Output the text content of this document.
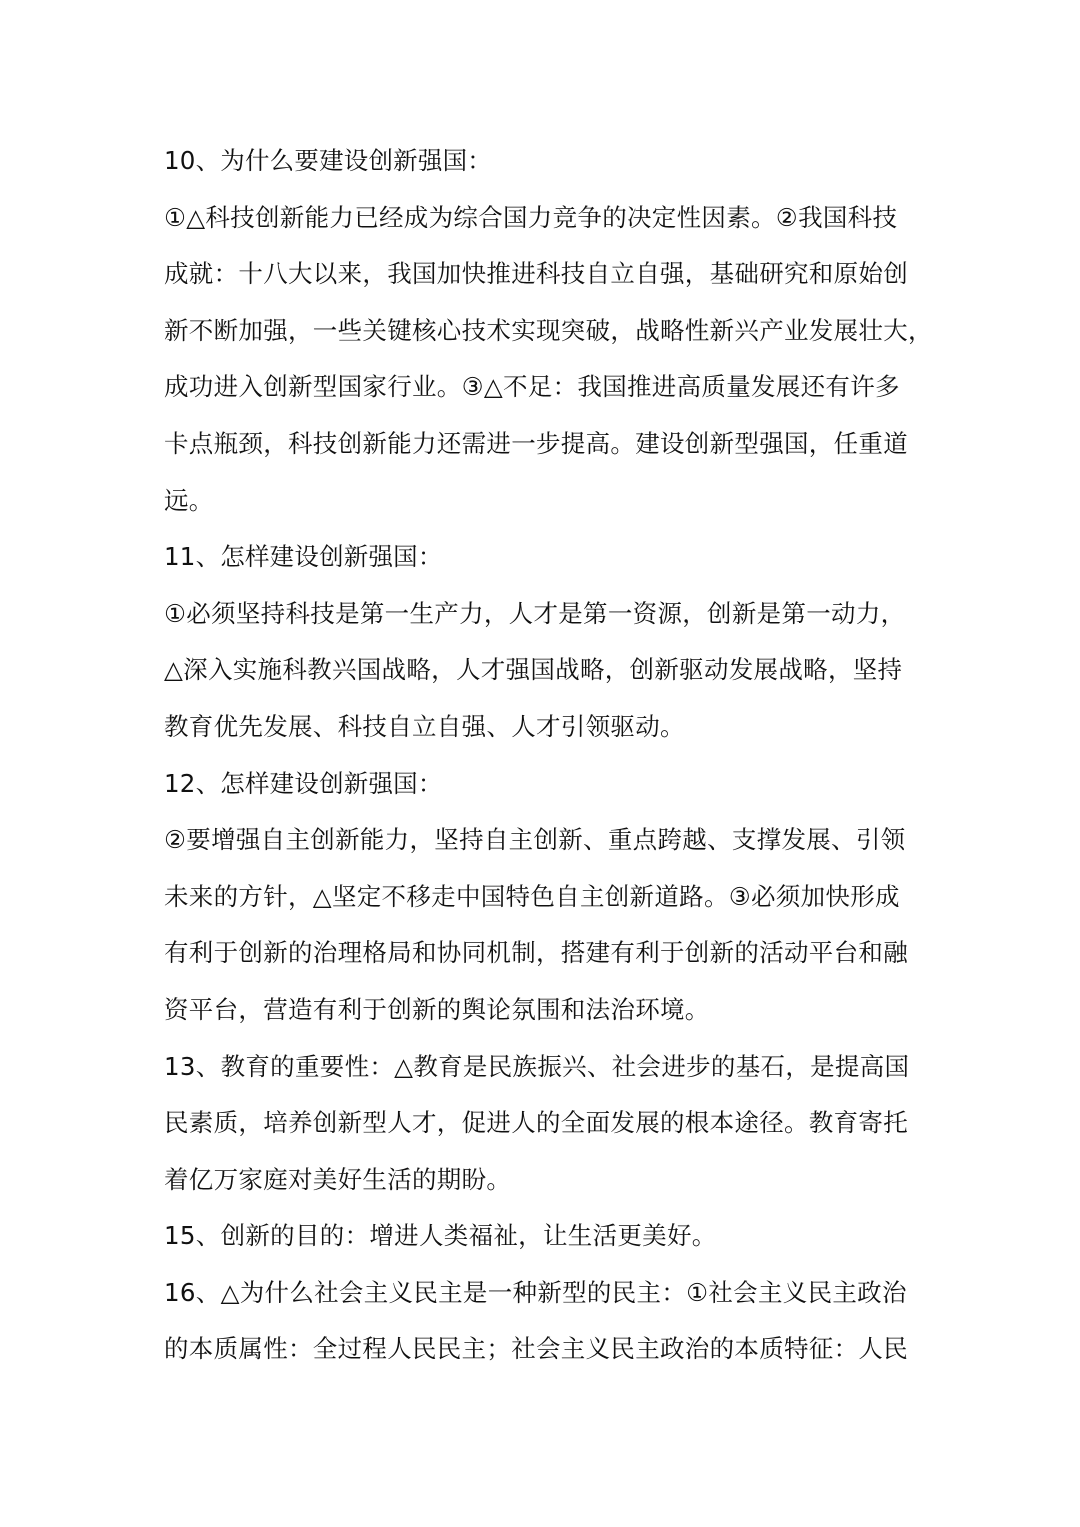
10、为什么要建设创新强国：
①△科技创新能力已经成为综合国力竞争的决定性因素。②我国科技
成就：十八大以来，我国加快推进科技自立自强，基础研究和原始创
新不断加强，一些关键核心技术实现突破，战略性新兴产业发展壮大，
成功进入创新型国家行业。③△不足：我国推进高质量发展还有许多
卡点瓶颈，科技创新能力还需进一步提高。建设创新型强国，任重道
远。
11、怎样建设创新强国：
①必须坚持科技是第一生产力，人才是第一资源，创新是第一动力，
△深入实施科教兴国战略，人才强国战略，创新驱动发展战略，坚持
教育优先发展、科技自立自强、人才引领驱动。
12、怎样建设创新强国：
②要增强自主创新能力，坚持自主创新、重点跨越、支撑发展、引领
未来的方针，△坚定不移走中国特色自主创新道路。③必须加快形成
有利于创新的治理格局和协同机制，搭建有利于创新的活动平台和融
资平台，营造有利于创新的舆论氛围和法治环境。
13、教育的重要性：△教育是民族振兴、社会进步的基石，是提高国
民素质，培养创新型人才，促进人的全面发展的根本途径。教育寄托
着亿万家庭对美好生活的期盼。
15、创新的目的：增进人类福祉，让生活更美好。
16、△为什么社会主义民主是一种新型的民主：①社会主义民主政治
的本质属性：全过程人民民主；社会主义民主政治的本质特征：人民
